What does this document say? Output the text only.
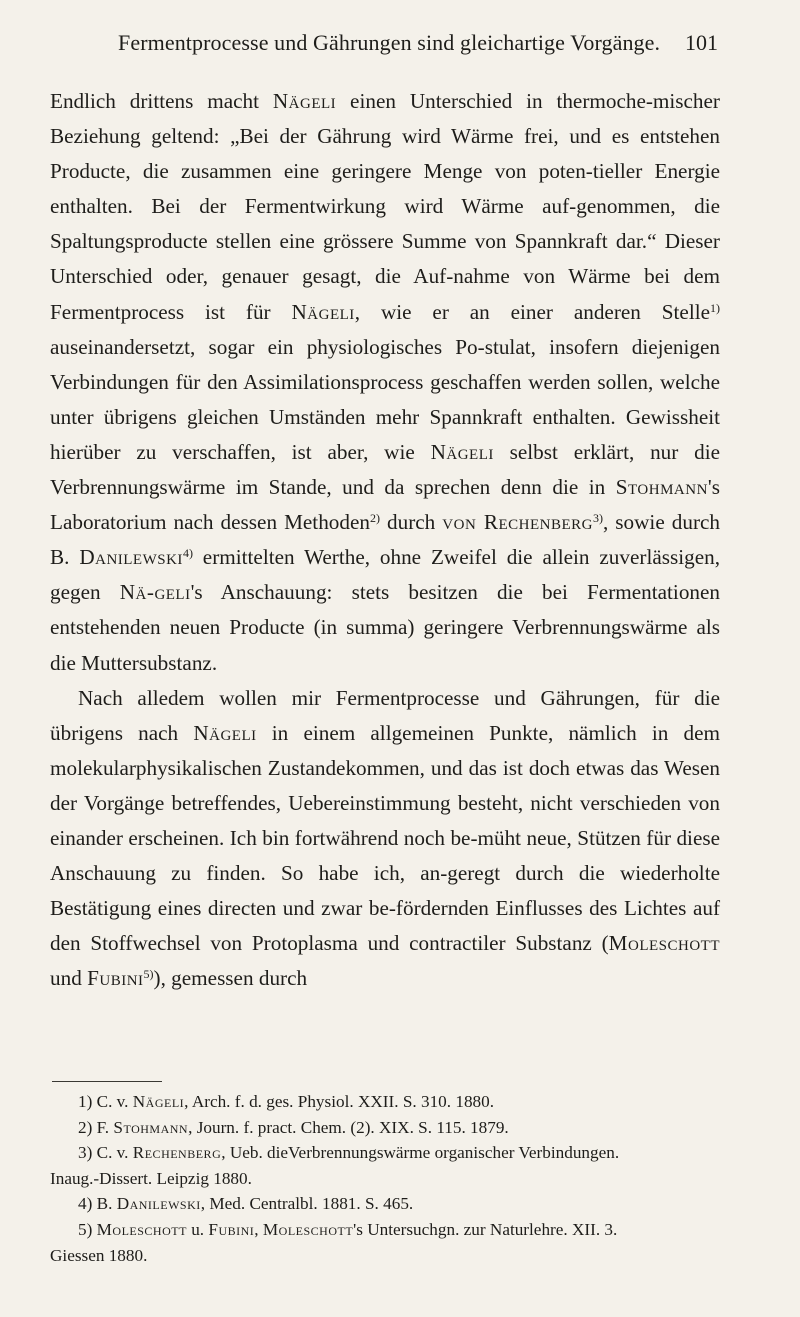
Fermentprocesse und Gährungen sind gleichartige Vorgänge. 101

Endlich drittens macht Nägeli einen Unterschied in thermoche-mischer Beziehung geltend: „Bei der Gährung wird Wärme frei, und es entstehen Producte, die zusammen eine geringere Menge von poten-tieller Energie enthalten. Bei der Fermentwirkung wird Wärme auf-genommen, die Spaltungsproducte stellen eine grössere Summe von Spannkraft dar.“ Dieser Unterschied oder, genauer gesagt, die Auf-nahme von Wärme bei dem Fermentprocess ist für Nägeli, wie er an einer anderen Stelle$^{1)}$ auseinandersetzt, sogar ein physiologisches Po-stulat, insofern diejenigen Verbindungen für den Assimilationsprocess geschaffen werden sollen, welche unter übrigens gleichen Umständen mehr Spannkraft enthalten. Gewissheit hierüber zu verschaffen, ist aber, wie Nägeli selbst erklärt, nur die Verbrennungswärme im Stande, und da sprechen denn die in Stohmann's Laboratorium nach dessen Methoden$^{2)}$ durch von Rechenberg$^{3)}$, sowie durch B. Danilewski$^{4)}$ ermittelten Werthe, ohne Zweifel die allein zuverlässigen, gegen Nä-geli's Anschauung: stets besitzen die bei Fermentationen entstehenden neuen Producte (in summa) geringere Verbrennungswärme als die Muttersubstanz.

Nach alledem wollen mir Fermentprocesse und Gährungen, für die übrigens nach Nägeli in einem allgemeinen Punkte, nämlich in dem molekularphysikalischen Zustandekommen, und das ist doch etwas das Wesen der Vorgänge betreffendes, Uebereinstimmung besteht, nicht verschieden von einander erscheinen. Ich bin fortwährend noch be-müht neue, Stützen für diese Anschauung zu finden. So habe ich, an-geregt durch die wiederholte Bestätigung eines directen und zwar be-fördernden Einflusses des Lichtes auf den Stoffwechsel von Protoplasma und contractiler Substanz (Moleschott und Fubini$^{5)}$), gemessen durch

1) C. v. Nägeli, Arch. f. d. ges. Physiol. XXII. S. 310. 1880.
2) F. Stohmann, Journ. f. pract. Chem. (2). XIX. S. 115. 1879.
3) C. v. Rechenberg, Ueb. dieVerbrennungswärme organischer Verbindungen.
Inaug.-Dissert. Leipzig 1880.
4) B. Danilewski, Med. Centralbl. 1881. S. 465.
5) Moleschott u. Fubini, Moleschott's Untersuchgn. zur Naturlehre. XII. 3.
Giessen 1880.
